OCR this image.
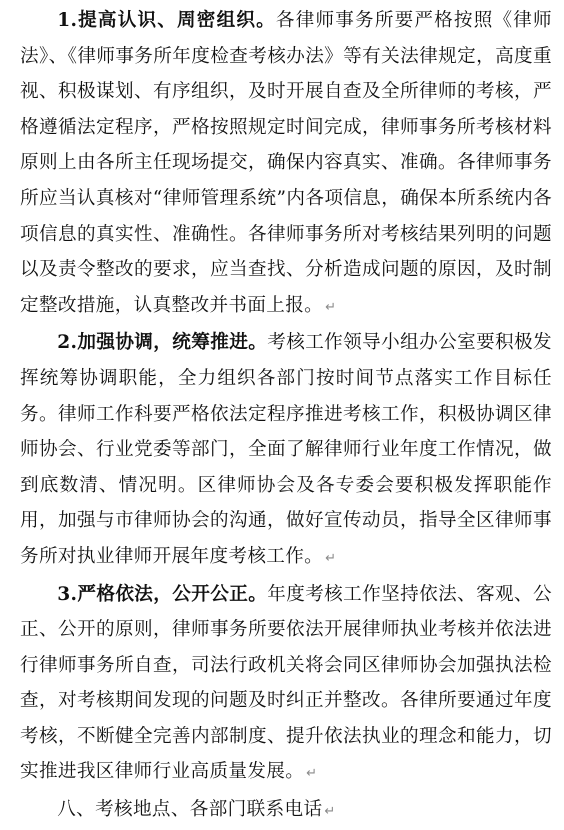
1.提高认识、周密组织。各律师事务所要严格按照《律师法》、《律师事务所年度检查考核办法》等有关法律规定，高度重视、积极谋划、有序组织，及时开展自查及全所律师的考核，严格遵循法定程序，严格按照规定时间完成，律师事务所考核材料原则上由各所主任现场提交，确保内容真实、准确。各律师事务所应当认真核对“律师管理系统”内各项信息，确保本所系统内各项信息的真实性、准确性。各律师事务所对考核结果列明的问题以及责令整改的要求，应当查找、分析造成问题的原因，及时制定整改措施，认真整改并书面上报。 ↵

2.加强协调，统筹推进。考核工作领导小组办公室要积极发挥统筹协调职能，全力组织各部门按时间节点落实工作目标任务。律师工作科要严格依法定程序推进考核工作，积极协调区律师协会、行业党委等部门，全面了解律师行业年度工作情况，做到底数清、情况明。区律师协会及各专委会要积极发挥职能作用，加强与市律师协会的沟通，做好宣传动员，指导全区律师事务所对执业律师开展年度考核工作。 ↵

3.严格依法，公开公正。年度考核工作坚持依法、客观、公正、公开的原则，律师事务所要依法开展律师执业考核并依法进行律师事务所自查，司法行政机关将会同区律师协会加强执法检查，对考核期间发现的问题及时纠正并整改。各律所要通过年度考核，不断健全完善内部制度、提升依法执业的理念和能力，切实推进我区律师行业高质量发展。 ↵

八、考核地点、各部门联系电话 ↵
